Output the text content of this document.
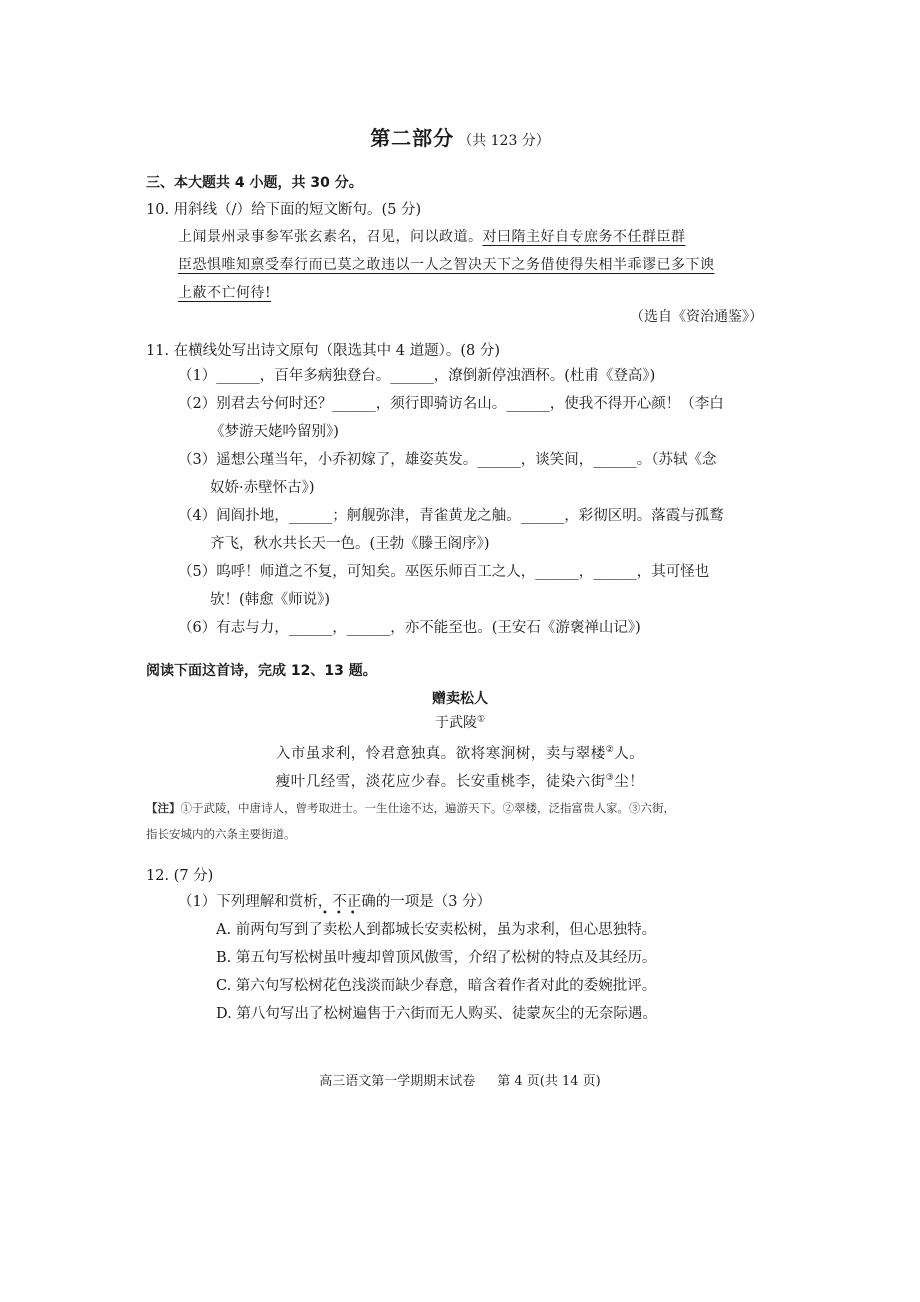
第二部分 （共 123 分）
三、本大题共 4 小题，共 30 分。
10. 用斜线（/）给下面的短文断句。(5 分)
上闻景州录事参军张玄素名，召见，问以政道。对曰隋主好自专庶务不任群臣群
臣恐惧唯知禀受奉行而已莫之敢违以一人之智决天下之务借使得失相半乖谬已多下谀
上蔽不亡何待!
（选自《资治通鉴》）
11. 在横线处写出诗文原句（限选其中 4 道题）。(8 分)
（1）______，百年多病独登台。______，潦倒新停浊酒杯。(杜甫《登高》)
（2）别君去兮何时还？______，须行即骑访名山。______，使我不得开心颜！（李白
《梦游天姥吟留别》)
（3）遥想公瑾当年，小乔初嫁了，雄姿英发。______，谈笑间，______。（苏轼《念
奴娇·赤壁怀古》)
（4）闾阎扑地，______；舸舰弥津，青雀黄龙之舳。______，彩彻区明。落霞与孤鹜
齐飞，秋水共长天一色。(王勃《滕王阁序》)
（5）呜呼！师道之不复，可知矣。巫医乐师百工之人，______，______，其可怪也
欤！(韩愈《师说》)
（6）有志与力，______，______，亦不能至也。(王安石《游褒禅山记》)
阅读下面这首诗，完成 12、13 题。
赠卖松人
于武陵①
入市虽求利，怜君意独真。欲将寒涧树，卖与翠楼②人。
瘦叶几经雪，淡花应少春。长安重桃李，徒染六街③尘！
【注】①于武陵，中唐诗人，曾考取进士。一生仕途不达，遍游天下。②翠楼，泛指富贵人家。③六街，
指长安城内的六条主要街道。
12. (7 分)
（1）下列理解和赏析，不正确的一项是（3 分）
•••
A. 前两句写到了卖松人到都城长安卖松树，虽为求利，但心思独特。
B. 第五句写松树虽叶瘦却曾顶风傲雪，介绍了松树的特点及其经历。
C. 第六句写松树花色浅淡而缺少春意，暗含着作者对此的委婉批评。
D. 第八句写出了松树遍售于六街而无人购买、徒蒙灰尘的无奈际遇。
高三语文第一学期期末试卷 第 4 页(共 14 页)
